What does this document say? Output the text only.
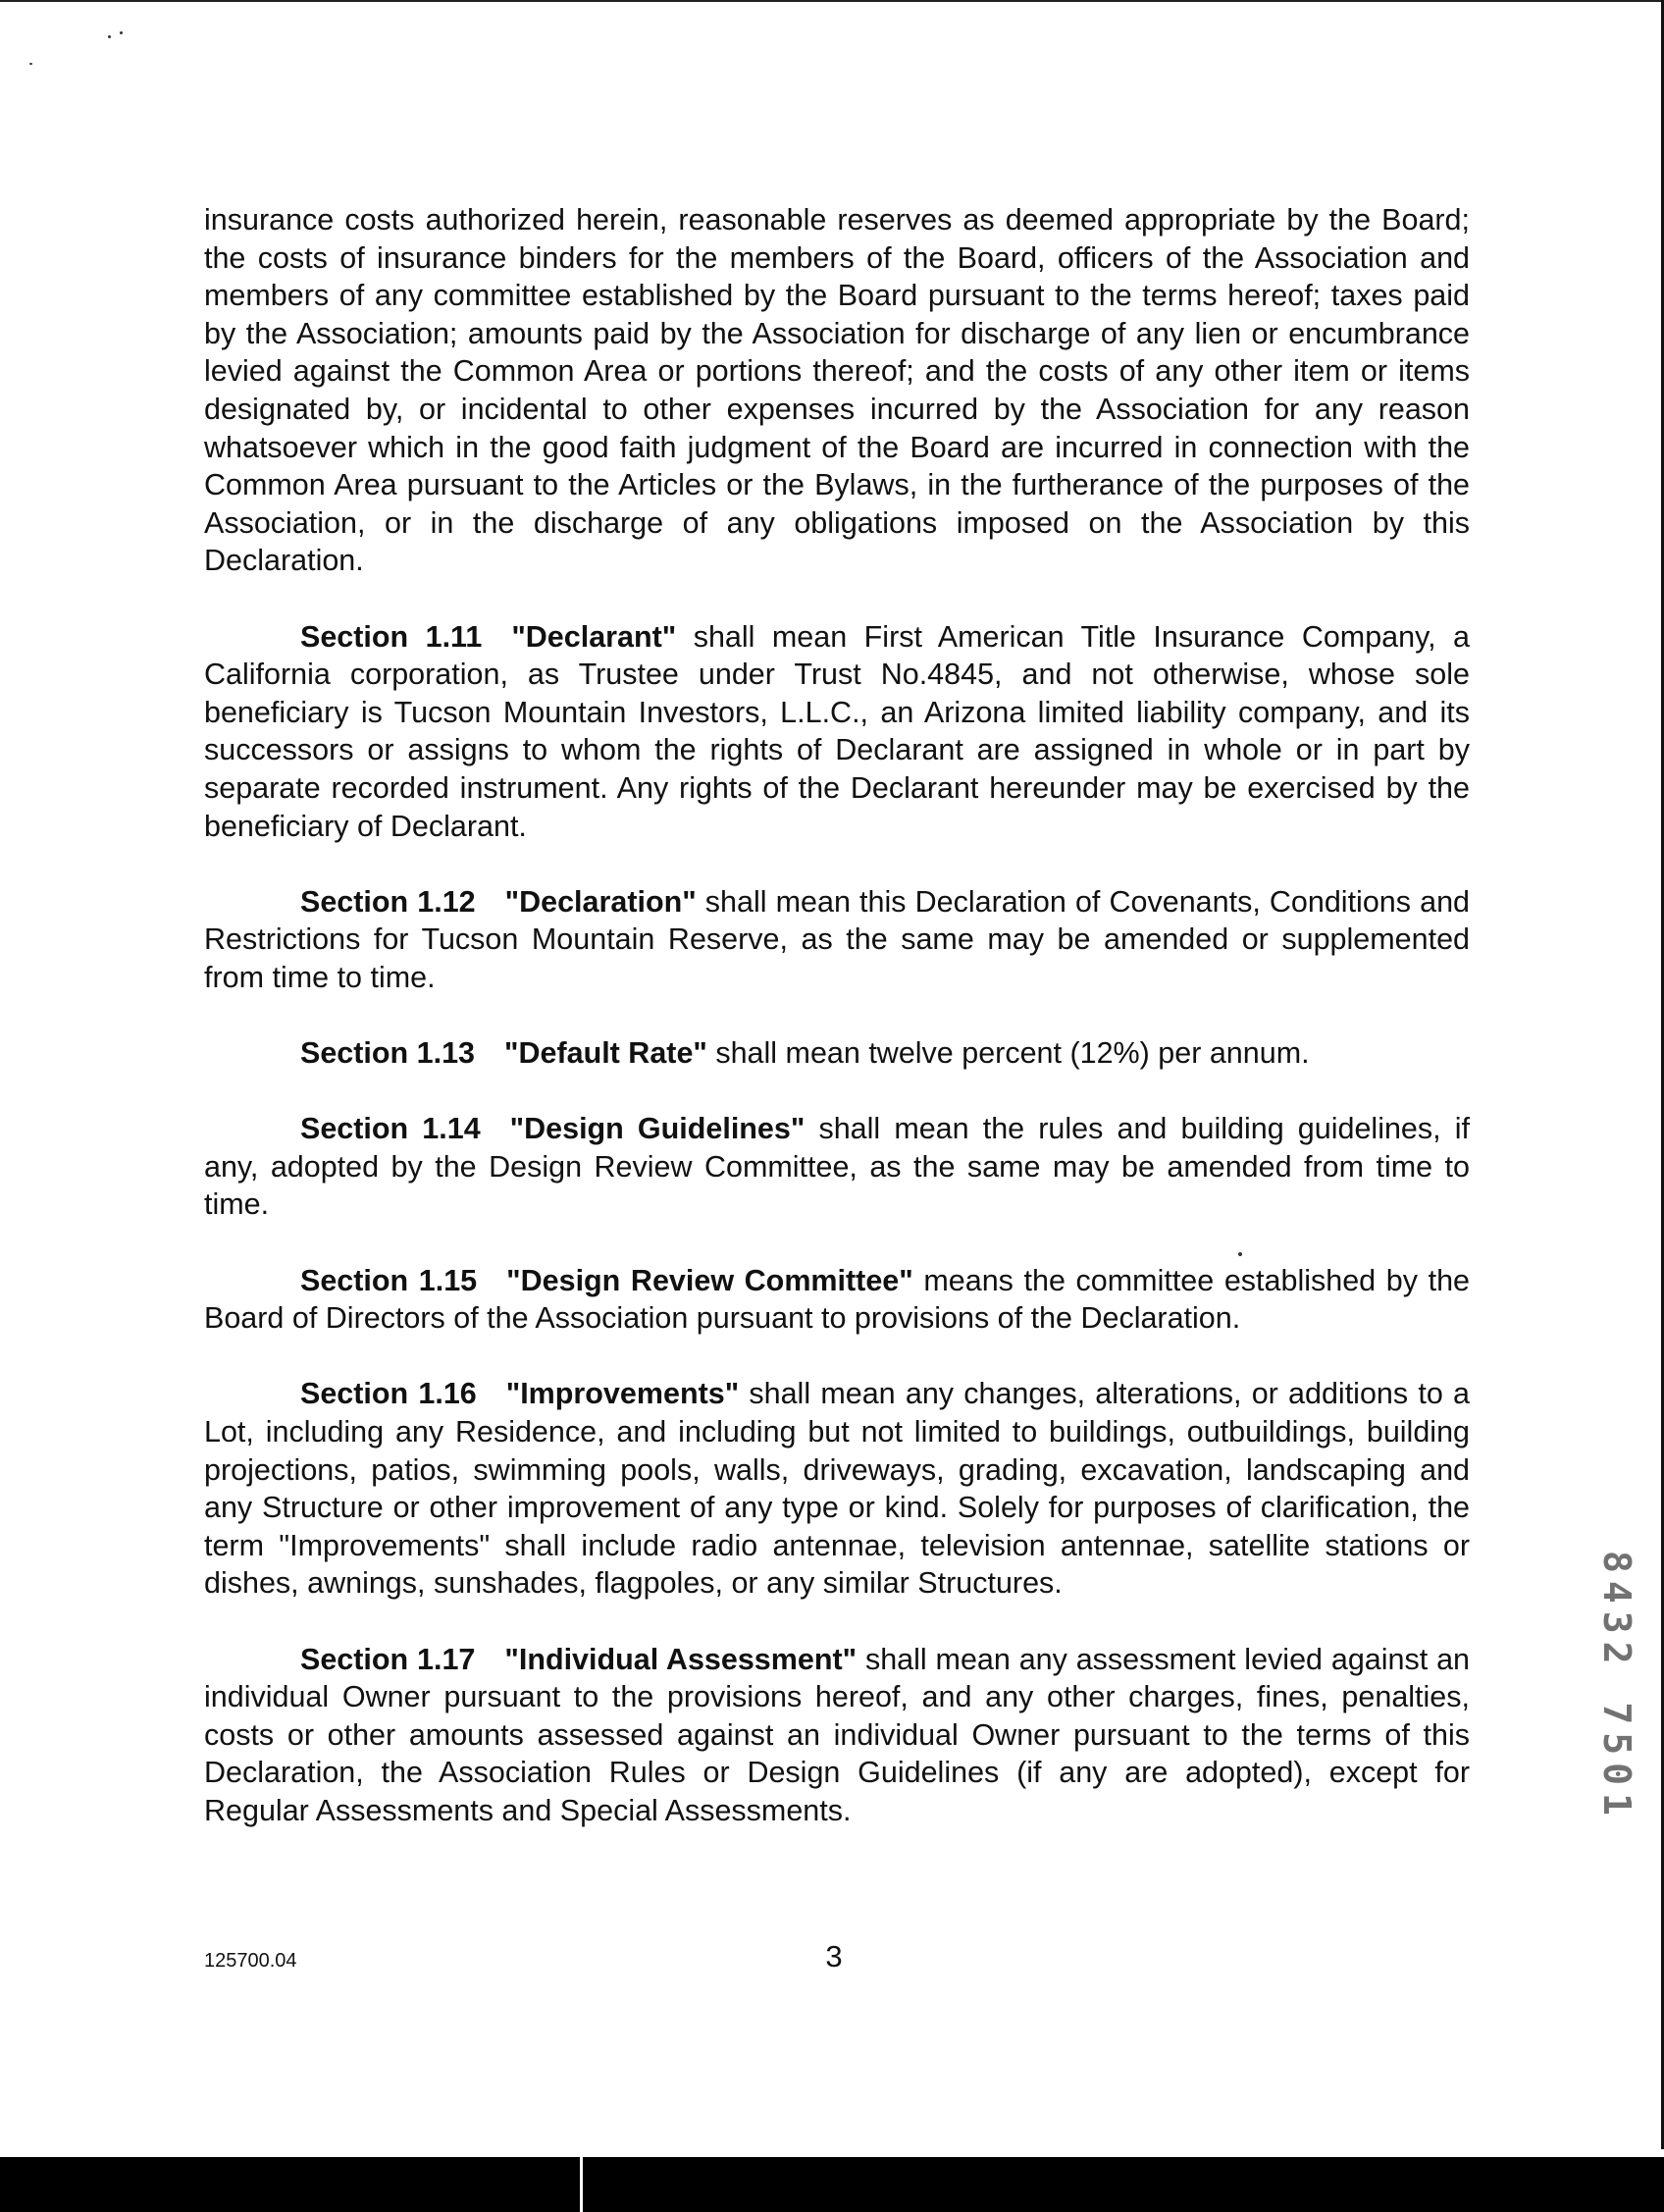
insurance costs authorized herein, reasonable reserves as deemed appropriate by the Board; the costs of insurance binders for the members of the Board, officers of the Association and members of any committee established by the Board pursuant to the terms hereof; taxes paid by the Association; amounts paid by the Association for discharge of any lien or encumbrance levied against the Common Area or portions thereof; and the costs of any other item or items designated by, or incidental to other expenses incurred by the Association for any reason whatsoever which in the good faith judgment of the Board are incurred in connection with the Common Area pursuant to the Articles or the Bylaws, in the furtherance of the purposes of the Association, or in the discharge of any obligations imposed on the Association by this Declaration.

Section 1.11 "Declarant" shall mean First American Title Insurance Company, a California corporation, as Trustee under Trust No.4845, and not otherwise, whose sole beneficiary is Tucson Mountain Investors, L.L.C., an Arizona limited liability company, and its successors or assigns to whom the rights of Declarant are assigned in whole or in part by separate recorded instrument. Any rights of the Declarant hereunder may be exercised by the beneficiary of Declarant.

Section 1.12 "Declaration" shall mean this Declaration of Covenants, Conditions and Restrictions for Tucson Mountain Reserve, as the same may be amended or supplemented from time to time.

Section 1.13 "Default Rate" shall mean twelve percent (12%) per annum.

Section 1.14 "Design Guidelines" shall mean the rules and building guidelines, if any, adopted by the Design Review Committee, as the same may be amended from time to time.

Section 1.15 "Design Review Committee" means the committee established by the Board of Directors of the Association pursuant to provisions of the Declaration.

Section 1.16 "Improvements" shall mean any changes, alterations, or additions to a Lot, including any Residence, and including but not limited to buildings, outbuildings, building projections, patios, swimming pools, walls, driveways, grading, excavation, landscaping and any Structure or other improvement of any type or kind. Solely for purposes of clarification, the term "Improvements" shall include radio antennae, television antennae, satellite stations or dishes, awnings, sunshades, flagpoles, or any similar Structures.

Section 1.17 "Individual Assessment" shall mean any assessment levied against an individual Owner pursuant to the provisions hereof, and any other charges, fines, penalties, costs or other amounts assessed against an individual Owner pursuant to the terms of this Declaration, the Association Rules or Design Guidelines (if any are adopted), except for Regular Assessments and Special Assessments.

125700.04	3
8432 7501
